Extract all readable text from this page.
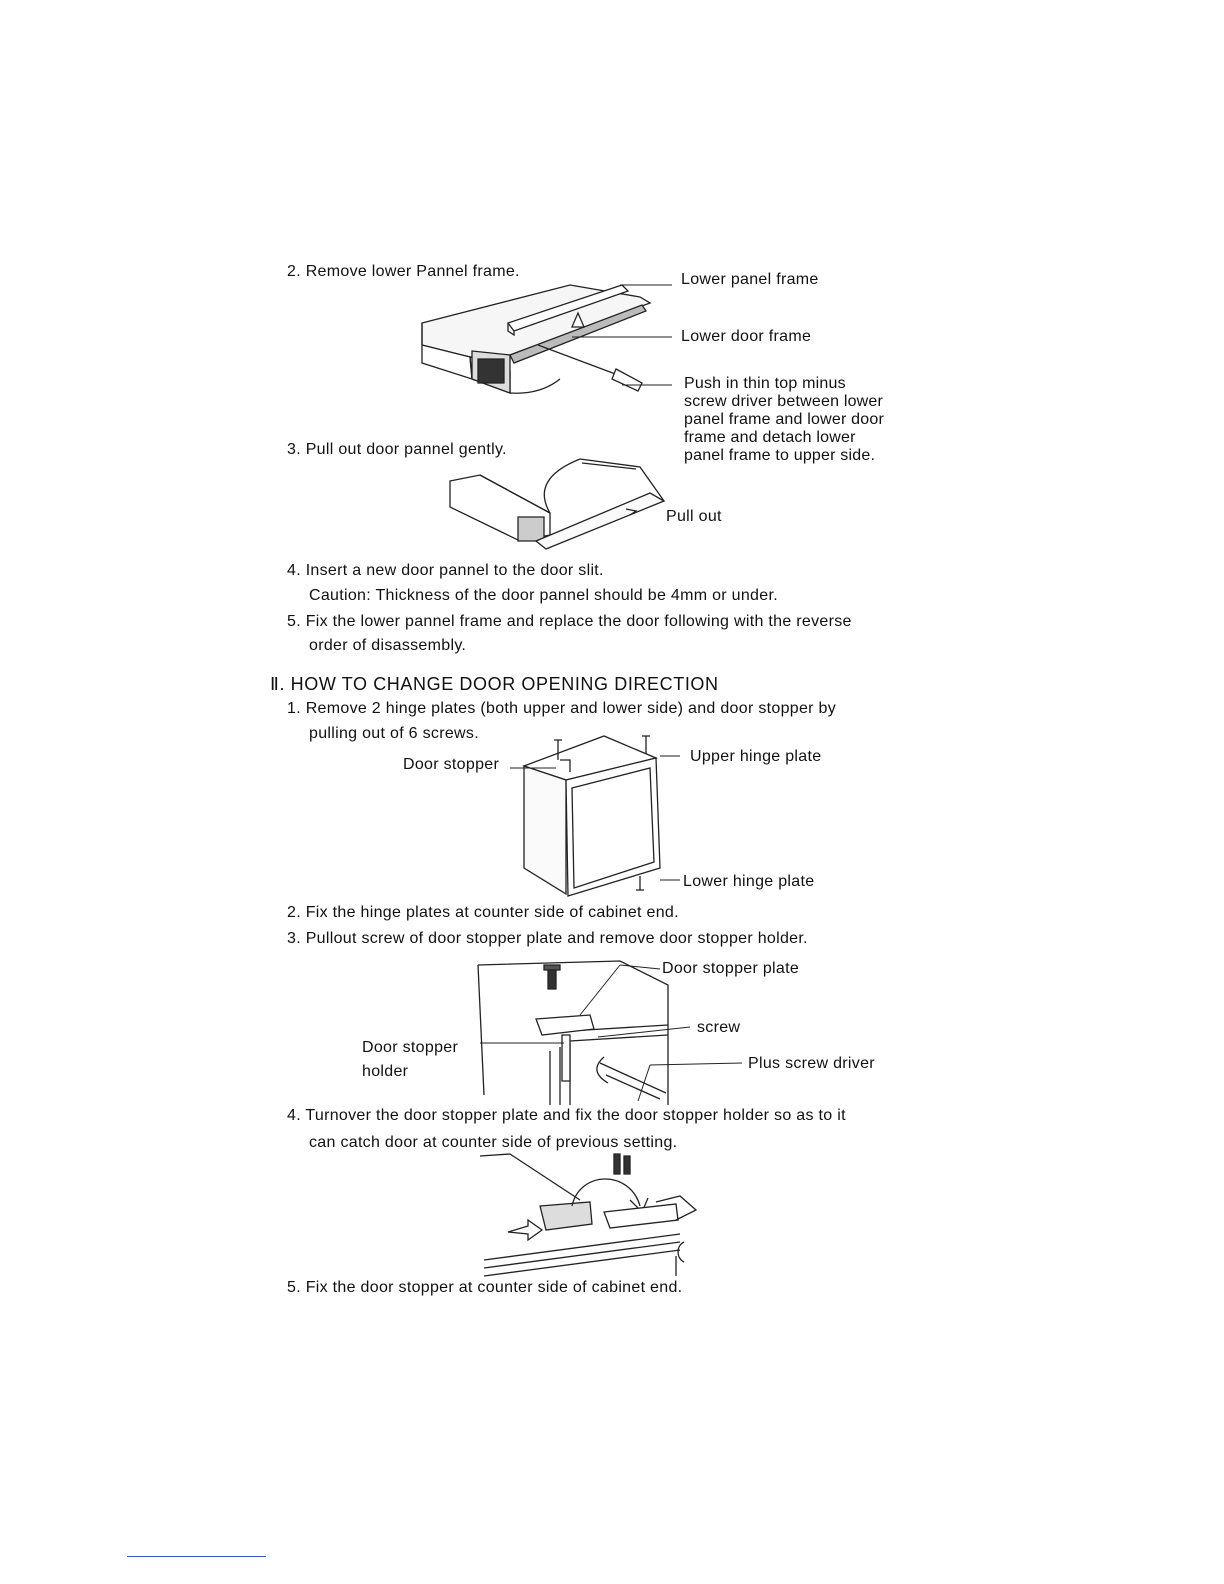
2. Remove lower Pannel frame.
3. Pull out door pannel gently.
4. Insert a new door pannel to the door slit.
Caution: Thickness of the door pannel should be 4mm or under.
5. Fix the lower pannel frame and replace the door following with the reverse
order of disassembly.
Lower panel frame
Lower door frame
Push in thin top minus
screw driver between lower
panel frame and lower door
frame and detach lower
panel frame to upper side.
Pull out
Ⅱ. HOW TO CHANGE DOOR OPENING DIRECTION
1. Remove 2 hinge plates (both upper and lower side) and door stopper by
pulling out of 6 screws.
Door stopper	Upper hinge plate
Lower hinge plate
2. Fix the hinge plates at counter side of cabinet end.
3. Pullout screw of door stopper plate and remove door stopper holder.
Door stopper plate
screw
Door stopper
holder	Plus screw driver
4. Turnover the door stopper plate and fix the door stopper holder so as to it
can catch door at counter side of previous setting.
5. Fix the door stopper at counter side of cabinet end.
